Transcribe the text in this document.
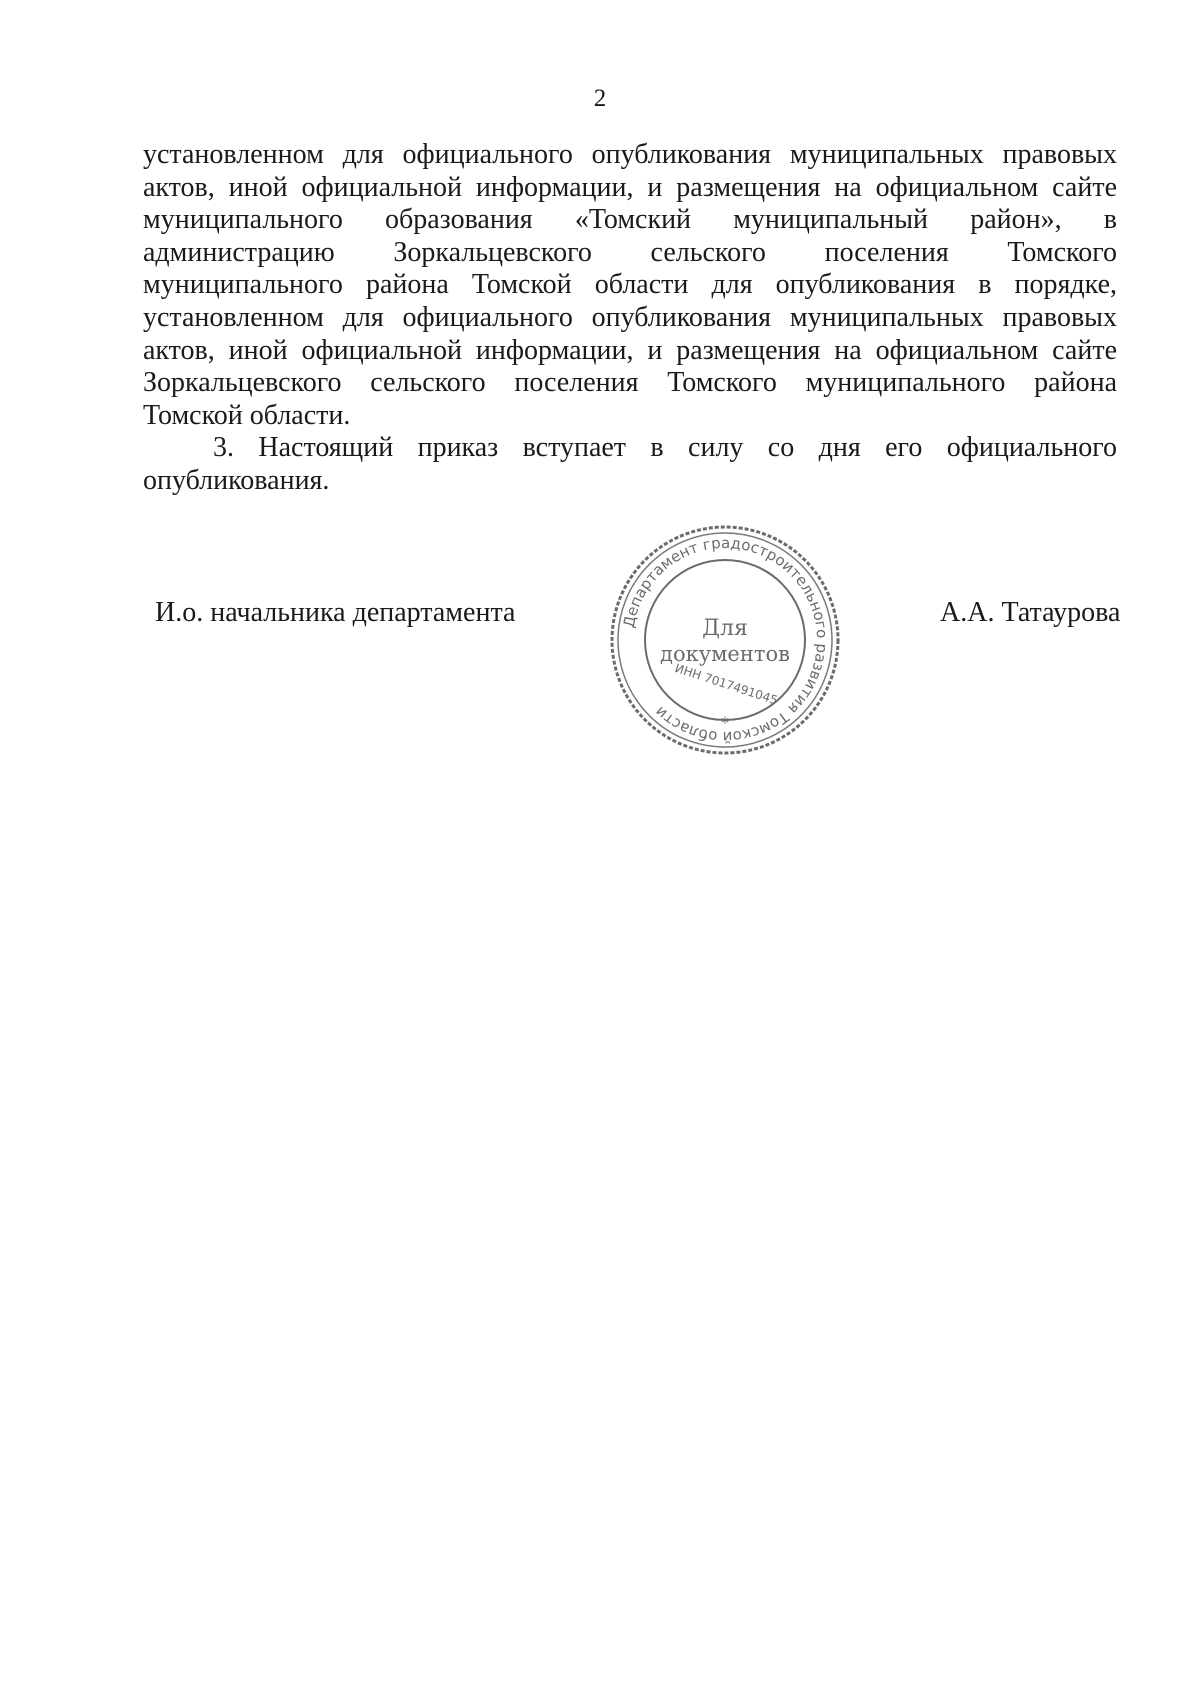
2

установленном для официального опубликования муниципальных правовых
актов, иной официальной информации, и размещения на официальном сайте
муниципального образования «Томский муниципальный район», в
администрацию Зоркальцевского сельского поселения Томского
муниципального района Томской области для опубликования в порядке,
установленном для официального опубликования муниципальных правовых
актов, иной официальной информации, и размещения на официальном сайте
Зоркальцевского сельского поселения Томского муниципального района
Томской области.

3. Настоящий приказ вступает в силу со дня его официального
опубликования.

И.о. начальника департамента	А.А. Татаурова
Департамент градостроительного развития Томской области
Для
документов
ИНН 7017491045
*
